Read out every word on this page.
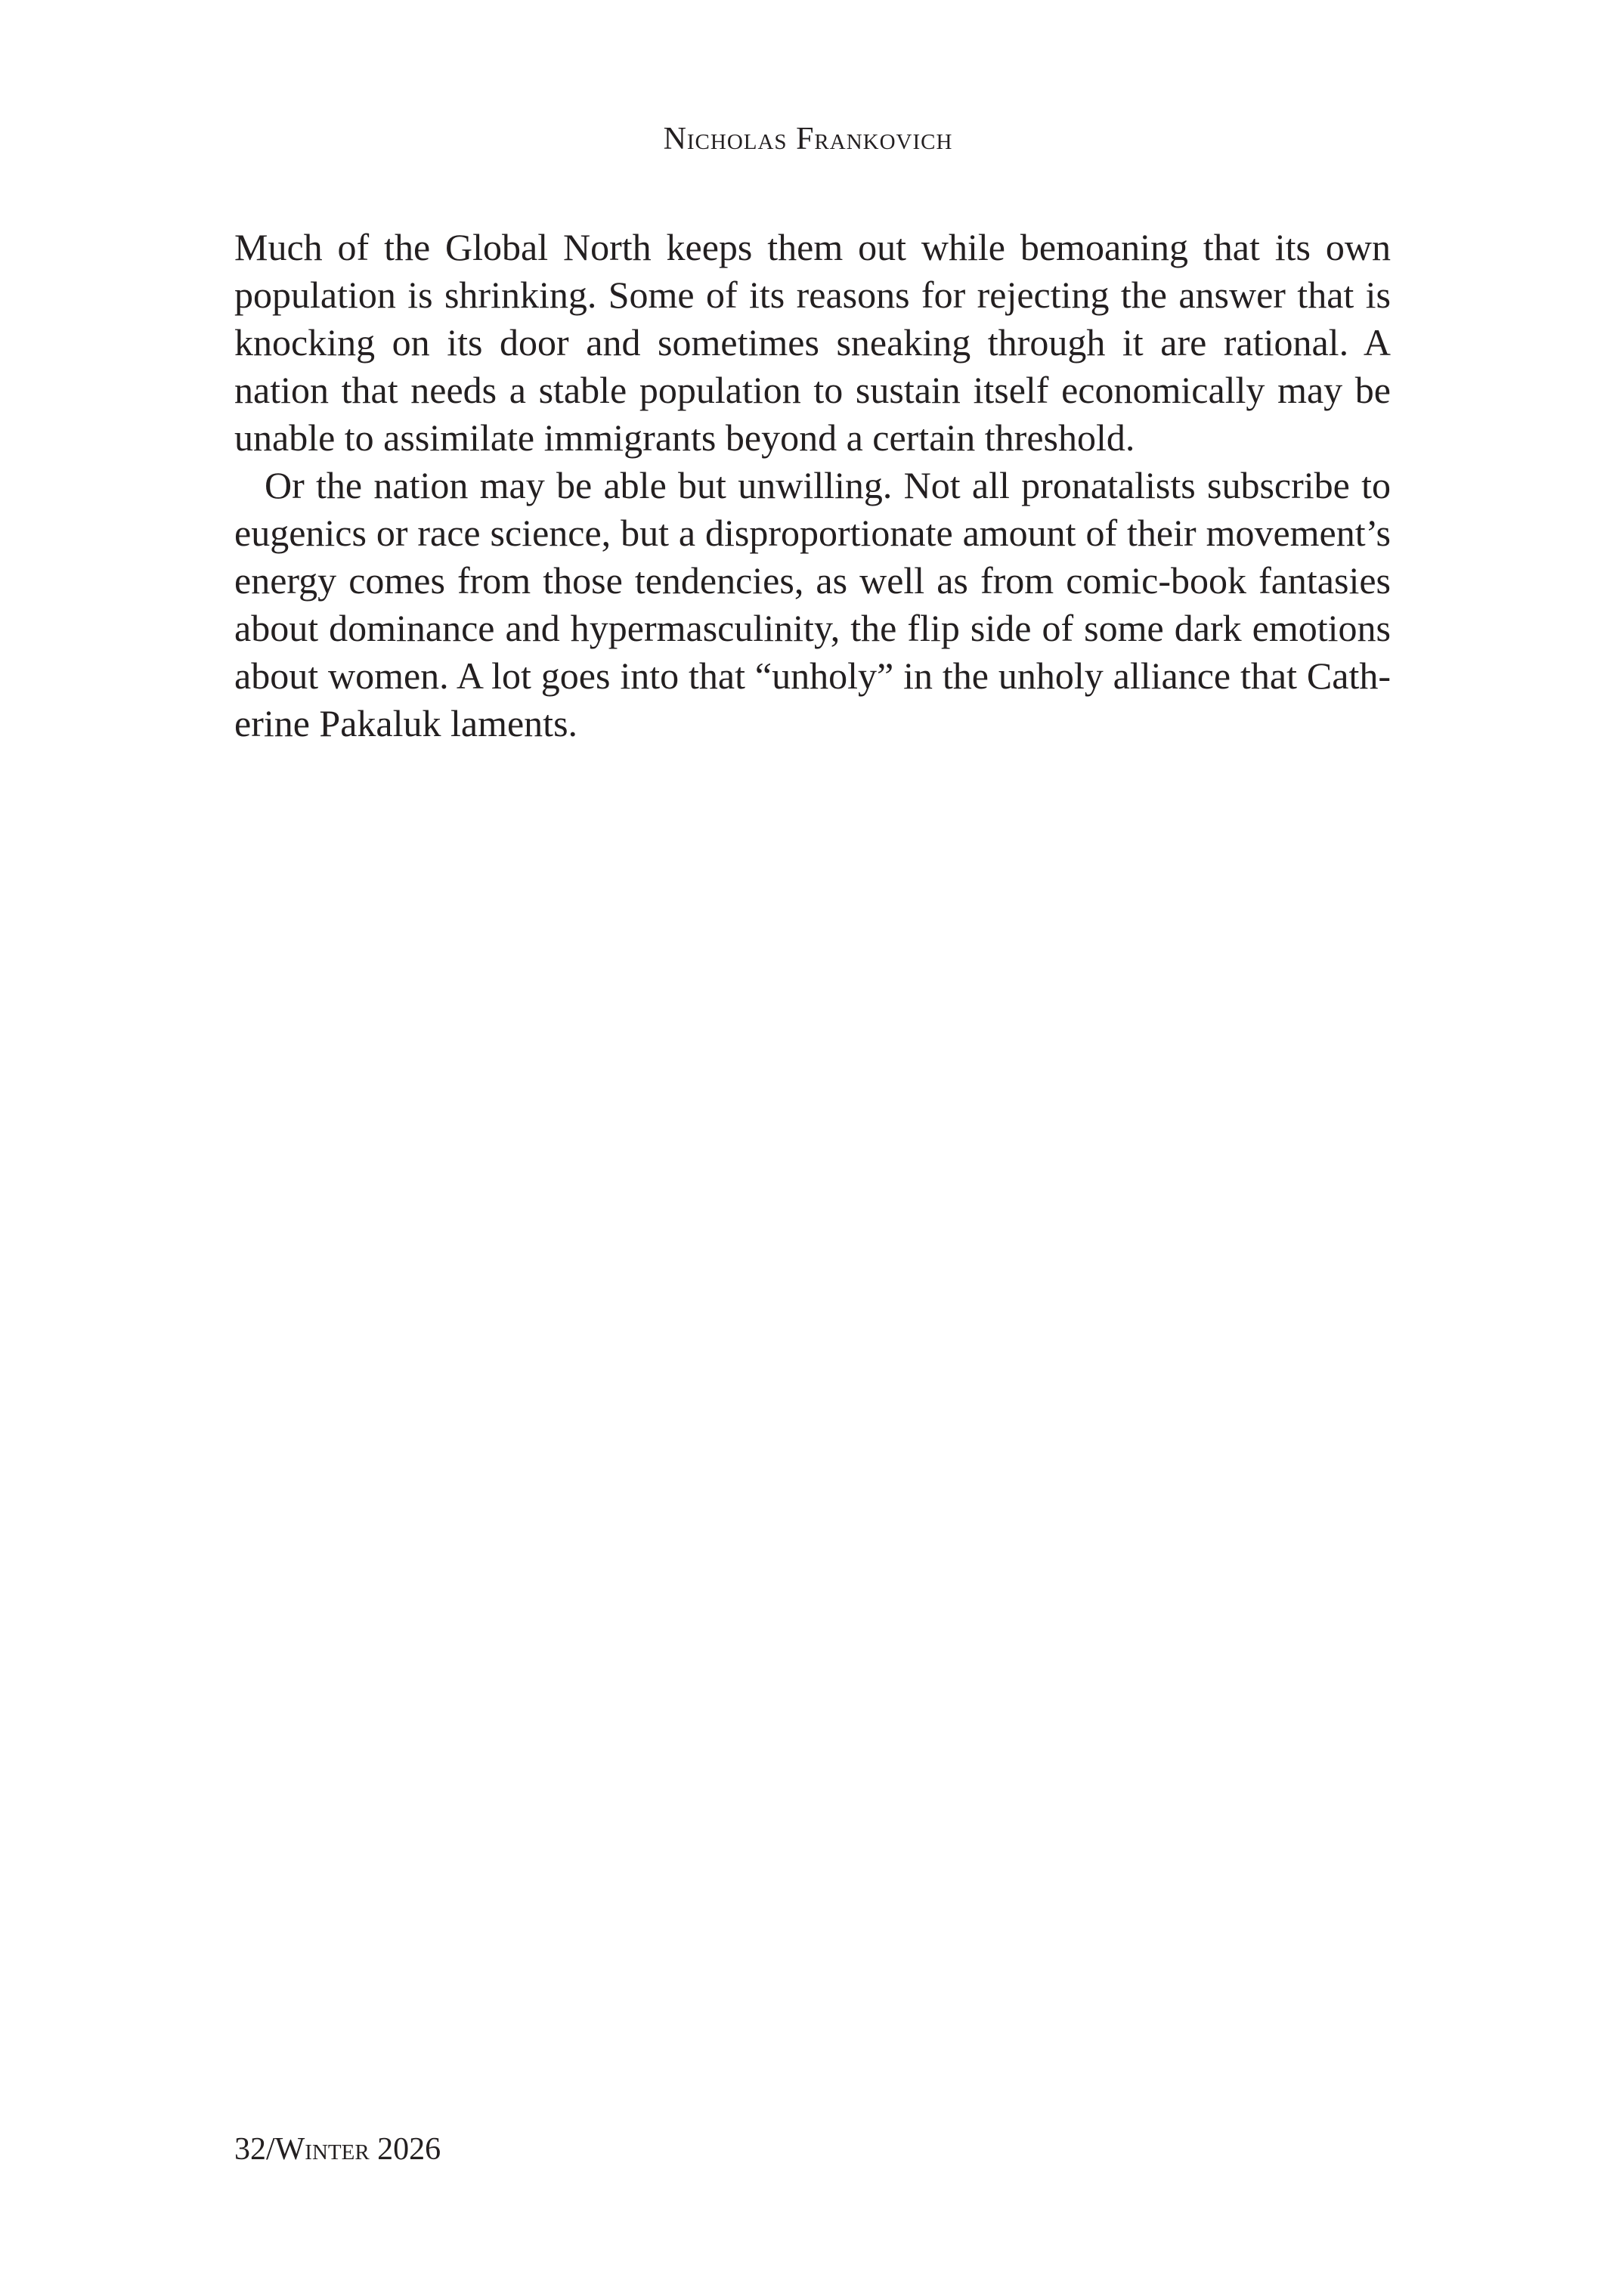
Nicholas Frankovich

Much of the Global North keeps them out while bemoaning that its own population is shrinking. Some of its reasons for rejecting the answer that is knocking on its door and sometimes sneaking through it are rational. A nation that needs a stable population to sustain itself economically may be unable to assimilate immigrants beyond a certain threshold.

Or the nation may be able but unwilling. Not all pronatalists subscribe to eugenics or race science, but a disproportionate amount of their movement’s energy comes from those tendencies, as well as from comic-book fantasies about dominance and hypermasculinity, the flip side of some dark emotions about women. A lot goes into that “unholy” in the unholy alliance that Catherine Pakaluk laments.

32/Winter 2026
